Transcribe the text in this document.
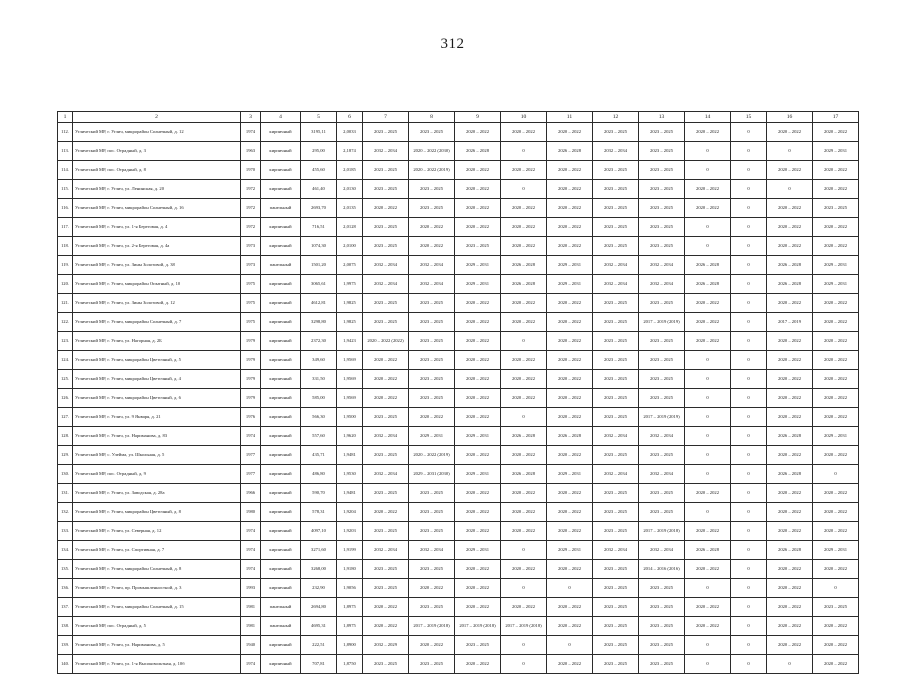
312
1	2	3	4	5	6	7	8	9	10	11	12	13	14	15	16	17
112.	Углический МР, г. Углич, микрорайон Солнечный, д. 12	1974	кирпичный	3195,11	2,0033	2023 – 2025	2023 – 2025	2020 – 2022	2020 – 2022	2020 – 2022	2023 – 2025	2023 – 2025	2020 – 2022	0	2020 – 2022	2020 – 2022
113.	Углический МР, пос. Отрадный, д. 3	1963	кирпичный	295,00	2,1874	2032 – 2034	2020 – 2022 (2030)	2026 – 2028	0	2026 – 2028	2032 – 2034	2023 – 2025	0	0	0	2029 – 2031
114.	Углический МР, пос. Отрадный, д. 8	1970	кирпичный	455,60	2,0185	2023 – 2025	2020 – 2022 (2019)	2020 – 2022	2020 – 2022	2020 – 2022	2023 – 2025	2023 – 2025	0	0	2020 – 2022	2020 – 2022
115.	Углический МР, г. Углич, ул. Ленинская, д. 20	1972	кирпичный	461,40	2,0130	2023 – 2025	2023 – 2025	2020 – 2022	0	2020 – 2022	2023 – 2025	2023 – 2025	2020 – 2022	0	0	2020 – 2022
116.	Углический МР, г. Углич, микрорайон Солнечный, д. 16	1972	панельный	2693,70	2,0135	2020 – 2022	2023 – 2025	2020 – 2022	2020 – 2022	2020 – 2022	2023 – 2025	2023 – 2025	2020 – 2022	0	2020 – 2022	2023 – 2025
117.	Углический МР, г. Углич, ул. 1-я Береговая, д. 4	1972	кирпичный	716,51	2,0128	2023 – 2025	2020 – 2022	2020 – 2022	2020 – 2022	2020 – 2022	2023 – 2025	2023 – 2025	0	0	2020 – 2022	2020 – 2022
118.	Углический МР, г. Углич, ул. 2-я Береговая, д. 4а	1973	кирпичный	1074,30	2,0100	2023 – 2025	2020 – 2022	2023 – 2025	2020 – 2022	2020 – 2022	2023 – 2025	2023 – 2025	0	0	2020 – 2022	2020 – 2022
119.	Углический МР, г. Углич, ул. Зины Золотовой, д. 38	1973	панельный	1501,20	2,0075	2032 – 2034	2032 – 2034	2029 – 2031	2026 – 2028	2029 – 2031	2032 – 2034	2032 – 2034	2026 – 2028	0	2026 – 2028	2029 – 2031
120.	Углический МР, г. Углич, микрорайон Опытный, д. 10	1975	кирпичный	3065,61	1,9975	2032 – 2034	2032 – 2034	2029 – 2031	2026 – 2028	2029 – 2031	2032 – 2034	2032 – 2034	2026 – 2028	0	2026 – 2028	2029 – 2031
121.	Углический МР, г. Углич, ул. Зины Золотовой, д. 12	1975	кирпичный	4612,81	1,9825	2023 – 2025	2023 – 2025	2020 – 2022	2020 – 2022	2020 – 2022	2023 – 2025	2023 – 2025	2020 – 2022	0	2020 – 2022	2020 – 2022
122.	Углический МР, г. Углич, микрорайон Солнечный, д. 7	1975	кирпичный	3298,80	1,9825	2023 – 2025	2023 – 2025	2020 – 2022	2020 – 2022	2020 – 2022	2023 – 2025	2017 – 2019 (2019)	2020 – 2022	0	2017 – 2019	2020 – 2022
123.	Углический МР, г. Углич, ул. Нагорная, д. 2Б	1979	кирпичный	2372,30	1,9423	2020 – 2022 (2022)	2023 – 2025	2020 – 2022	0	2020 – 2022	2023 – 2025	2023 – 2025	2020 – 2022	0	2020 – 2022	2020 – 2022
124.	Углический МР, г. Углич, микрорайон Цветочный, д. 5	1979	кирпичный	349,60	1,9569	2020 – 2022	2023 – 2025	2020 – 2022	2020 – 2022	2020 – 2022	2023 – 2025	2023 – 2025	0	0	2020 – 2022	2020 – 2022
125.	Углический МР, г. Углич, микрорайон Цветочный, д. 4	1979	кирпичный	331,50	1,9569	2020 – 2022	2023 – 2025	2020 – 2022	2020 – 2022	2020 – 2022	2023 – 2025	2023 – 2025	0	0	2020 – 2022	2020 – 2022
126.	Углический МР, г. Углич, микрорайон Цветочный, д. 6	1979	кирпичный	585,00	1,9569	2020 – 2022	2023 – 2025	2020 – 2022	2020 – 2022	2020 – 2022	2023 – 2025	2023 – 2025	0	0	2020 – 2022	2020 – 2022
127.	Углический МР, г. Углич, ул. 9 Января, д. 21	1976	кирпичный	566,30	1,9500	2023 – 2025	2020 – 2022	2020 – 2022	0	2020 – 2022	2023 – 2025	2017 – 2019 (2019)	0	0	2020 – 2022	2020 – 2022
128.	Углический МР, г. Углич, ул. Нариманова, д. 83	1974	кирпичный	557,60	1,9620	2032 – 2034	2029 – 2031	2029 – 2031	2026 – 2028	2026 – 2028	2032 – 2034	2032 – 2034	0	0	2026 – 2028	2029 – 2031
129.	Углический МР, с. Улейма, ул. Школьная, д. 5	1977	кирпичный	435,71	1,9481	2023 – 2025	2020 – 2022 (2019)	2020 – 2022	2020 – 2022	2020 – 2022	2023 – 2025	2023 – 2025	0	0	2020 – 2022	2020 – 2022
130.	Углический МР, пос. Отрадный, д. 9	1977	кирпичный	486,80	1,9530	2032 – 2034	2029 – 2031 (2030)	2029 – 2031	2026 – 2028	2029 – 2031	2032 – 2034	2032 – 2034	0	0	2026 – 2028	0
131.	Углический МР, г. Углич, ул. Заводская, д. 28а	1966	кирпичный	590,70	1,9481	2023 – 2025	2023 – 2025	2020 – 2022	2020 – 2022	2020 – 2022	2023 – 2025	2023 – 2025	2020 – 2022	0	2020 – 2022	2020 – 2022
132.	Углический МР, г. Углич, микрорайон Цветочный, д. 8	1980	кирпичный	578,31	1,9204	2020 – 2022	2023 – 2025	2020 – 2022	2020 – 2022	2020 – 2022	2023 – 2025	2023 – 2025	0	0	2020 – 2022	2020 – 2022
133.	Углический МР, г. Углич, ул. Северная, д. 12	1974	кирпичный	4097,10	1,9203	2023 – 2025	2023 – 2025	2020 – 2022	2020 – 2022	2020 – 2022	2023 – 2025	2017 – 2019 (2018)	2020 – 2022	0	2020 – 2022	2020 – 2022
134.	Углический МР, г. Углич, ул. Спортивная, д. 7	1974	кирпичный	3271,60	1,9199	2032 – 2034	2032 – 2034	2029 – 2031	0	2029 – 2031	2032 – 2034	2032 – 2034	2026 – 2028	0	2026 – 2028	2029 – 2031
135.	Углический МР, г. Углич, микрорайон Солнечный, д. 8	1974	кирпичный	3268,00	1,9180	2023 – 2025	2023 – 2025	2020 – 2022	2020 – 2022	2020 – 2022	2023 – 2025	2014 – 2016 (2016)	2020 – 2022	0	2020 – 2022	2020 – 2022
136.	Углический МР, г. Углич, пр. Промышленностной, д. 3	1993	кирпичный	232,90	1,9056	2023 – 2025	2020 – 2022	2020 – 2022	0	0	2023 – 2025	2023 – 2025	0	0	2020 – 2022	0
137.	Углический МР, г. Углич, микрорайон Солнечный, д. 15	1981	панельный	2694,80	1,8975	2020 – 2022	2023 – 2025	2020 – 2022	2020 – 2022	2020 – 2022	2023 – 2025	2023 – 2025	2020 – 2022	0	2020 – 2022	2023 – 2025
138.	Углический МР, пос. Отрадный, д. 5	1981	панельный	4695,31	1,8975	2020 – 2022	2017 – 2019 (2018)	2017 – 2019 (2018)	2017 – 2019 (2018)	2020 – 2022	2023 – 2025	2023 – 2025	2020 – 2022	0	2020 – 2022	2020 – 2022
139.	Углический МР, г. Углич, ул. Нариманова, д. 5	1940	кирпичный	222,51	1,8900	2032 – 2029	2020 – 2022	2023 – 2025	0	0	2023 – 2025	2023 – 2025	0	0	2020 – 2022	2020 – 2022
140.	Углический МР, г. Углич, ул. 1-я Высоковольтная, д. 10б	1974	кирпичный	707,81	1,8750	2023 – 2025	2023 – 2025	2020 – 2022	0	2020 – 2022	2023 – 2025	2023 – 2025	0	0	0	2020 – 2022
